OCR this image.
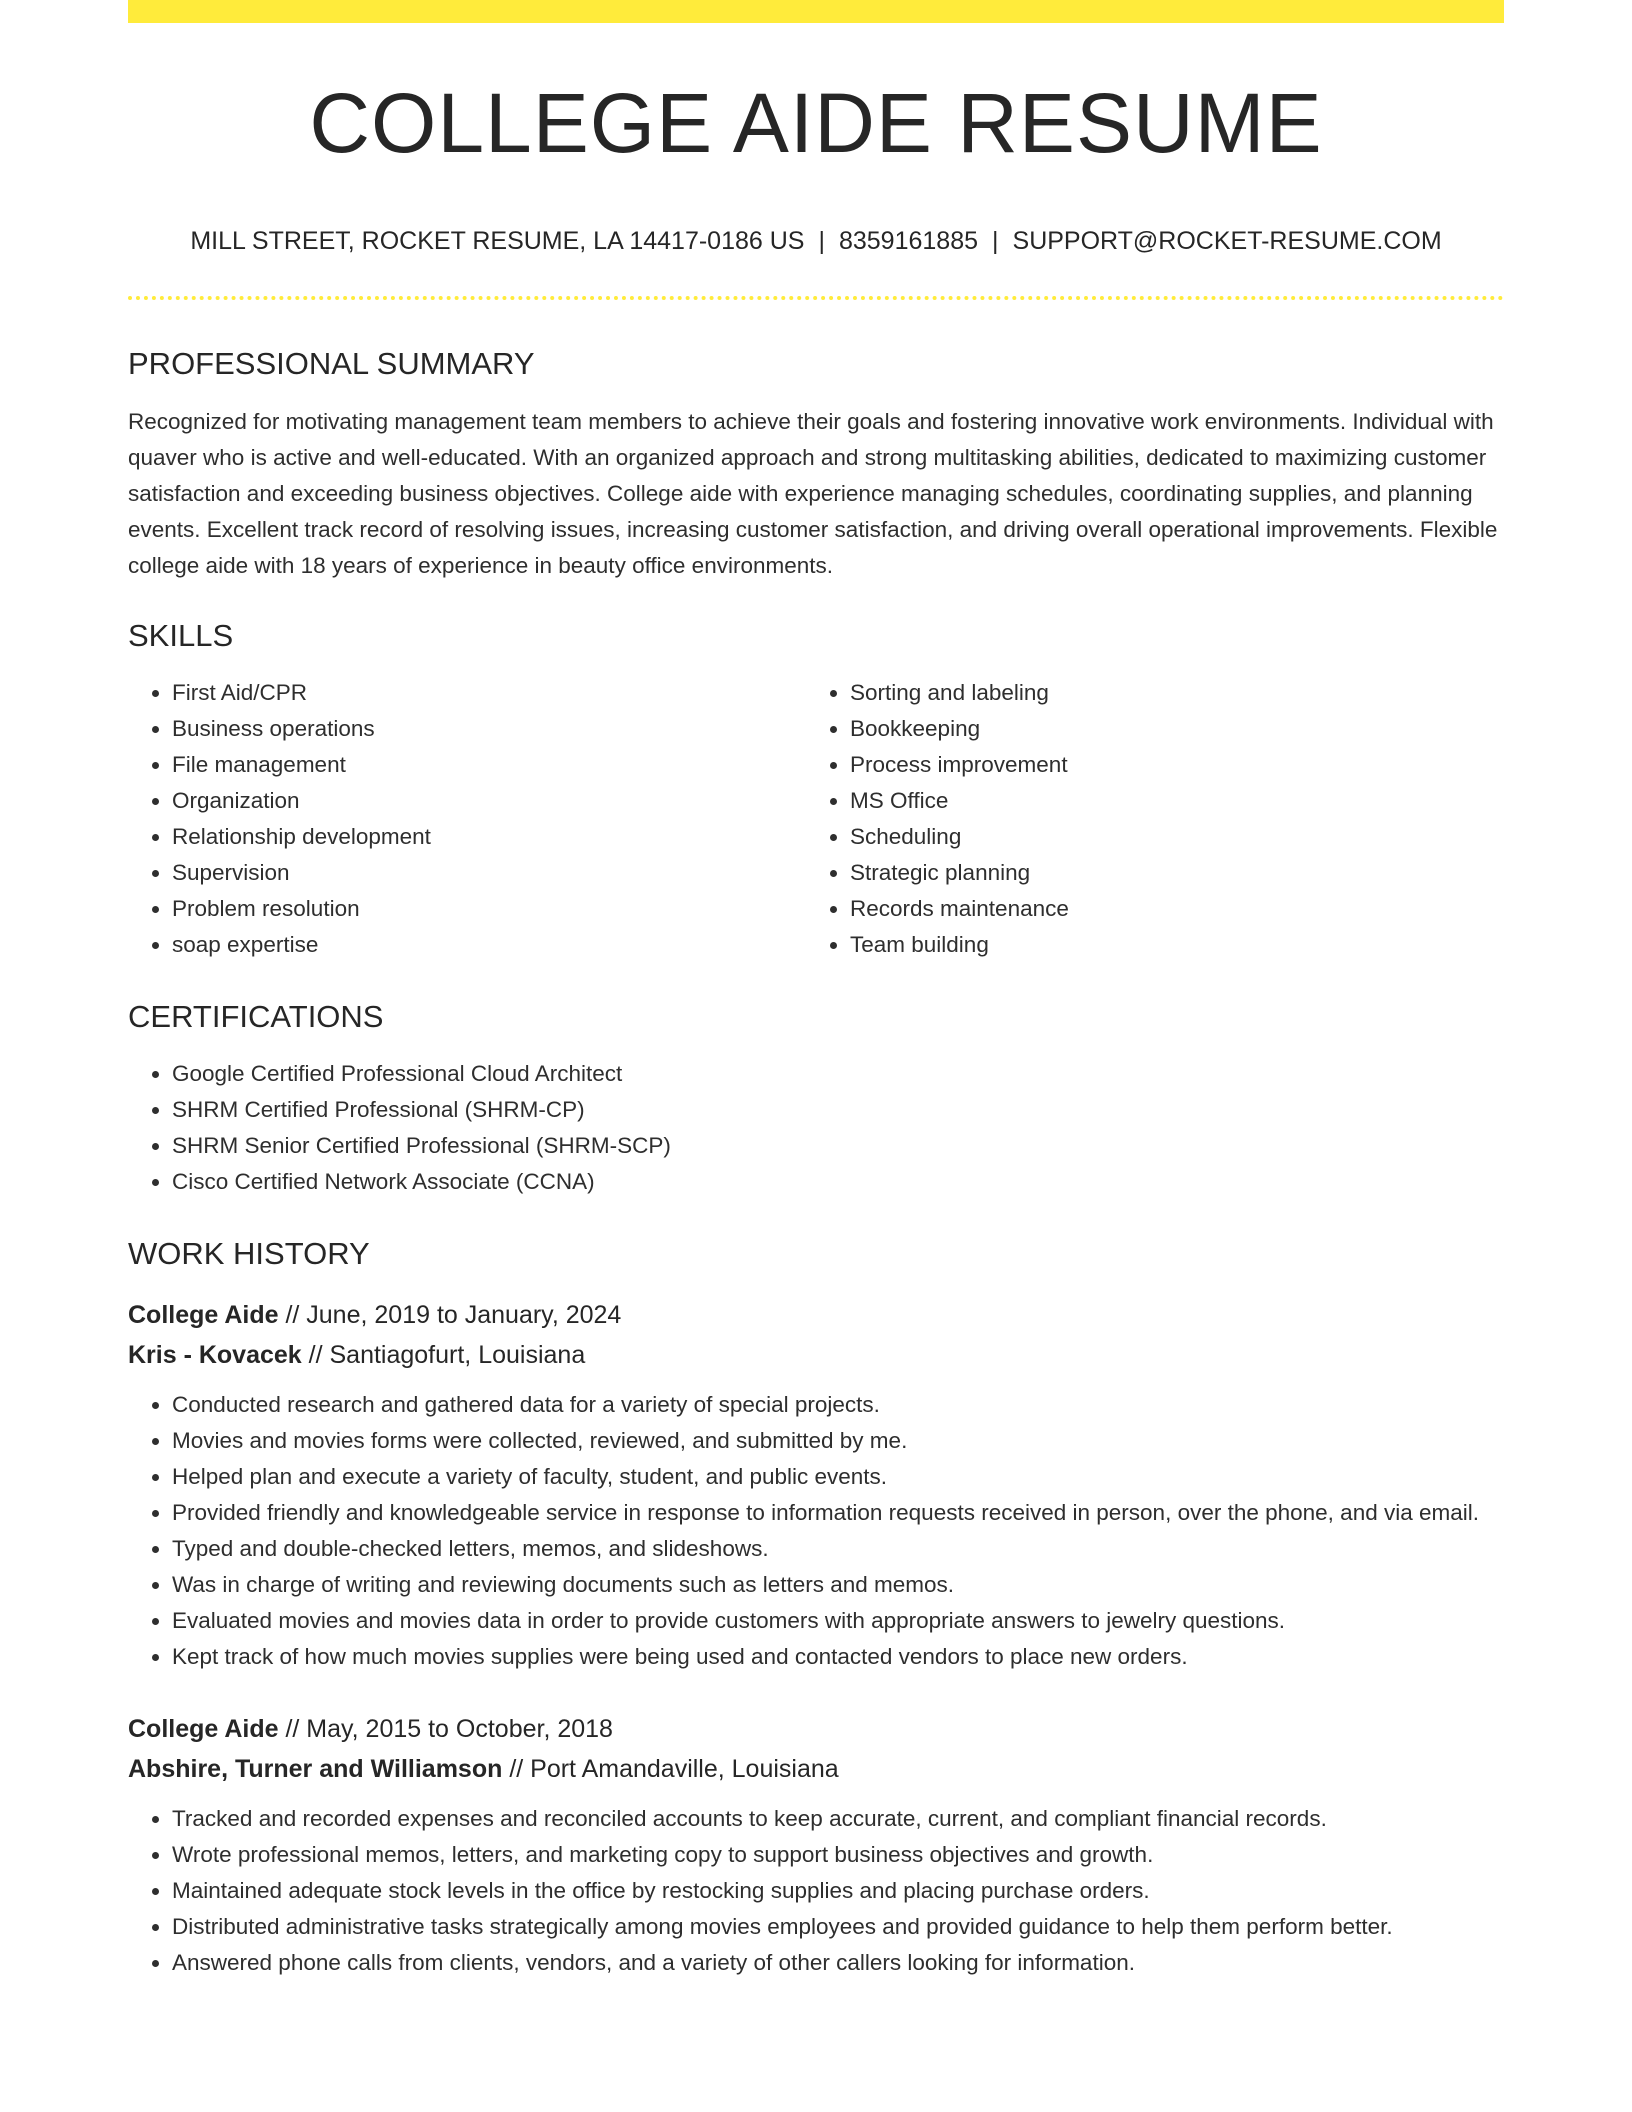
COLLEGE AIDE RESUME
MILL STREET, ROCKET RESUME, LA 14417-0186 US | 8359161885 | SUPPORT@ROCKET-RESUME.COM
PROFESSIONAL SUMMARY
Recognized for motivating management team members to achieve their goals and fostering innovative work environments. Individual with quaver who is active and well-educated. With an organized approach and strong multitasking abilities, dedicated to maximizing customer satisfaction and exceeding business objectives. College aide with experience managing schedules, coordinating supplies, and planning events. Excellent track record of resolving issues, increasing customer satisfaction, and driving overall operational improvements. Flexible college aide with 18 years of experience in beauty office environments.
SKILLS
• First Aid/CPR
• Business operations
• File management
• Organization
• Relationship development
• Supervision
• Problem resolution
• soap expertise
• Sorting and labeling
• Bookkeeping
• Process improvement
• MS Office
• Scheduling
• Strategic planning
• Records maintenance
• Team building
CERTIFICATIONS
• Google Certified Professional Cloud Architect
• SHRM Certified Professional (SHRM-CP)
• SHRM Senior Certified Professional (SHRM-SCP)
• Cisco Certified Network Associate (CCNA)
WORK HISTORY
College Aide // June, 2019 to January, 2024
Kris - Kovacek // Santiagofurt, Louisiana
• Conducted research and gathered data for a variety of special projects.
• Movies and movies forms were collected, reviewed, and submitted by me.
• Helped plan and execute a variety of faculty, student, and public events.
• Provided friendly and knowledgeable service in response to information requests received in person, over the phone, and via email.
• Typed and double-checked letters, memos, and slideshows.
• Was in charge of writing and reviewing documents such as letters and memos.
• Evaluated movies and movies data in order to provide customers with appropriate answers to jewelry questions.
• Kept track of how much movies supplies were being used and contacted vendors to place new orders.
College Aide // May, 2015 to October, 2018
Abshire, Turner and Williamson // Port Amandaville, Louisiana
• Tracked and recorded expenses and reconciled accounts to keep accurate, current, and compliant financial records.
• Wrote professional memos, letters, and marketing copy to support business objectives and growth.
• Maintained adequate stock levels in the office by restocking supplies and placing purchase orders.
• Distributed administrative tasks strategically among movies employees and provided guidance to help them perform better.
• Answered phone calls from clients, vendors, and a variety of other callers looking for information.
